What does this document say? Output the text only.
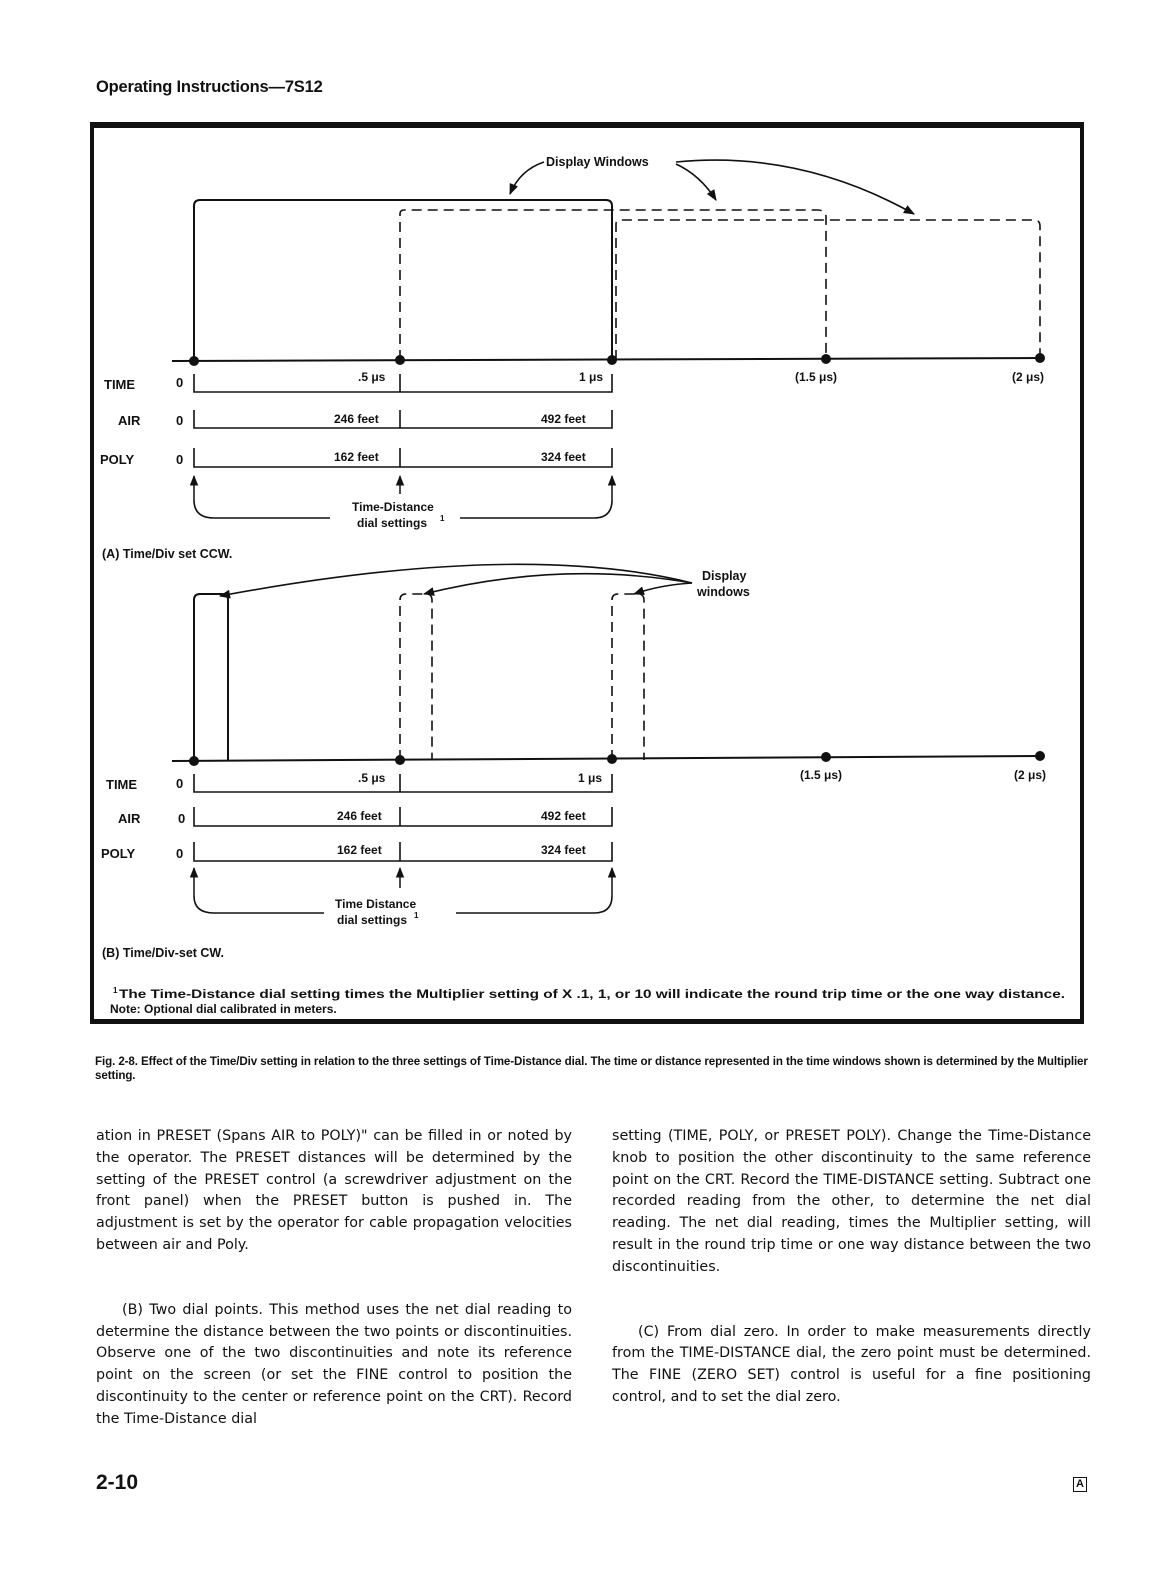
Operating Instructions—7S12
Display Windows
TIME	0	.5 μs	1 μs	(1.5 μs)	(2 μs)
AIR	0	246 feet	492 feet
POLY	0	162 feet	324 feet
Time-Distance
dial settings 1
(A) Time/Div set CCW.
Display
windows
TIME	0	.5 μs	1 μs	(1.5 μs)	(2 μs)
AIR	0	246 feet	492 feet
POLY	0	162 feet	324 feet
Time Distance
dial settings 1
(B) Time/Div-set CW.
1 The Time-Distance dial setting times the Multiplier setting of X .1, 1, or 10 will indicate the round trip time or the one way distance.
Note: Optional dial calibrated in meters.
Fig. 2-8. Effect of the Time/Div setting in relation to the three settings of Time-Distance dial. The time or distance represented in the time windows shown is determined by the Multiplier setting.

ation in PRESET (Spans AIR to POLY)" can be filled in or noted by the operator. The PRESET distances will be determined by the setting of the PRESET control (a screwdriver adjustment on the front panel) when the PRESET button is pushed in. The adjustment is set by the operator for cable propagation velocities between air and Poly.

(B) Two dial points. This method uses the net dial reading to determine the distance between the two points or discontinuities. Observe one of the two discontinuities and note its reference point on the screen (or set the FINE control to position the discontinuity to the center or reference point on the CRT). Record the Time-Distance dial

setting (TIME, POLY, or PRESET POLY). Change the Time-Distance knob to position the other discontinuity to the same reference point on the CRT. Record the TIME-DISTANCE setting. Subtract one recorded reading from the other, to determine the net dial reading. The net dial reading, times the Multiplier setting, will result in the round trip time or one way distance between the two discontinuities.

(C) From dial zero. In order to make measurements directly from the TIME-DISTANCE dial, the zero point must be determined. The FINE (ZERO SET) control is useful for a fine positioning control, and to set the dial zero.

2-10	A
